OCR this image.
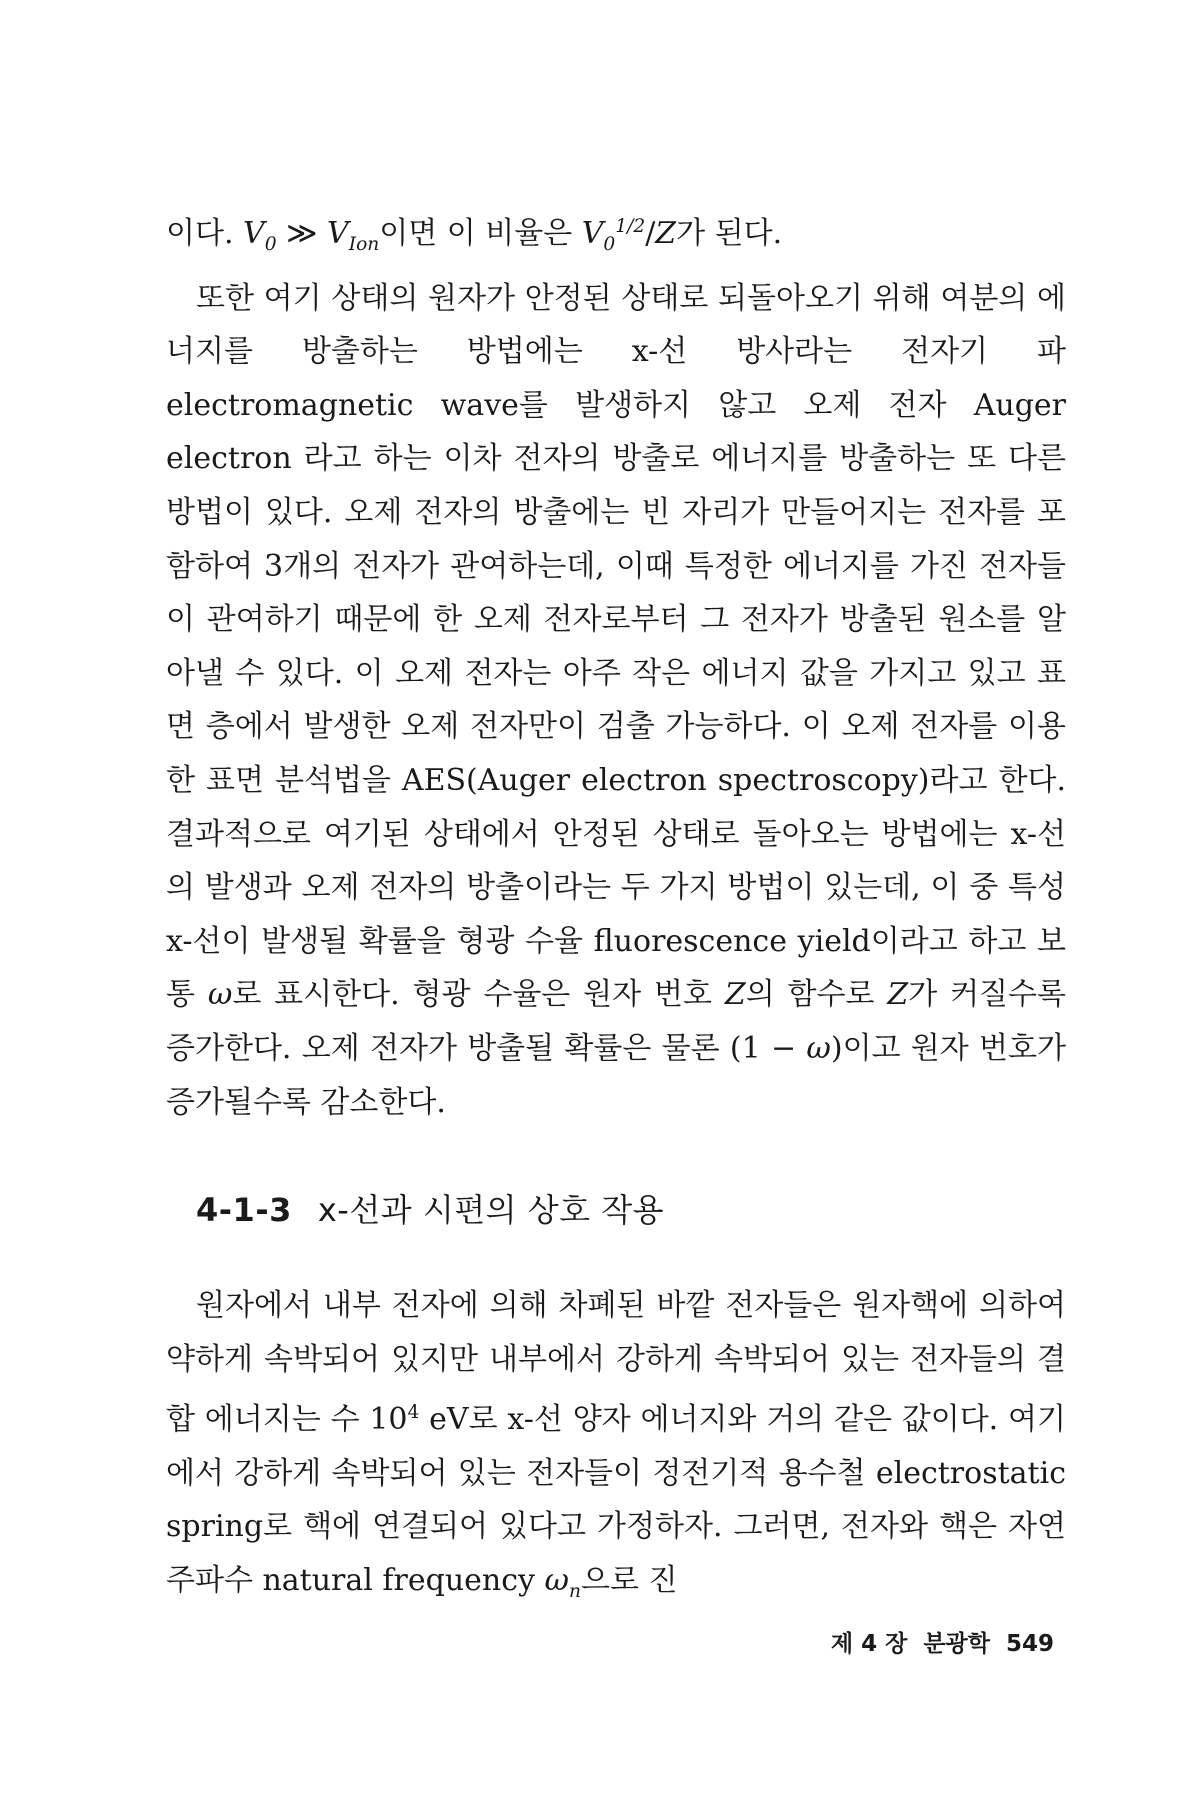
이다. $V_0$ ≫ $V_{Ion}$이면 이 비율은 $V_0^{1/2}/Z$가 된다.

또한 여기 상태의 원자가 안정된 상태로 되돌아오기 위해 여분의 에너지를 방출하는 방법에는 x-선 방사라는 전자기 파 electromagnetic wave를 발생하지 않고 오제 전자 Auger electron 라고 하는 이차 전자의 방출로 에너지를 방출하는 또 다른 방법이 있다. 오제 전자의 방출에는 빈 자리가 만들어지는 전자를 포함하여 3개의 전자가 관여하는데, 이때 특정한 에너지를 가진 전자들이 관여하기 때문에 한 오제 전자로부터 그 전자가 방출된 원소를 알아낼 수 있다. 이 오제 전자는 아주 작은 에너지 값을 가지고 있고 표면 층에서 발생한 오제 전자만이 검출 가능하다. 이 오제 전자를 이용한 표면 분석법을 AES(Auger electron spectroscopy)라고 한다. 결과적으로 여기된 상태에서 안정된 상태로 돌아오는 방법에는 x-선의 발생과 오제 전자의 방출이라는 두 가지 방법이 있는데, 이 중 특성 x-선이 발생될 확률을 형광 수율 fluorescence yield이라고 하고 보통 ω로 표시한다. 형광 수율은 원자 번호 Z의 함수로 Z가 커질수록 증가한다. 오제 전자가 방출될 확률은 물론 (1 − ω)이고 원자 번호가 증가될수록 감소한다.

4-1-3 x-선과 시편의 상호 작용

원자에서 내부 전자에 의해 차폐된 바깥 전자들은 원자핵에 의하여 약하게 속박되어 있지만 내부에서 강하게 속박되어 있는 전자들의 결합 에너지는 수 $10^4$ eV로 x-선 양자 에너지와 거의 같은 값이다. 여기에서 강하게 속박되어 있는 전자들이 정전기적 용수철 electrostatic spring로 핵에 연결되어 있다고 가정하자. 그러면, 전자와 핵은 자연 주파수 natural frequency $\omega_n$으로 진

제 4 장 분광학 549
